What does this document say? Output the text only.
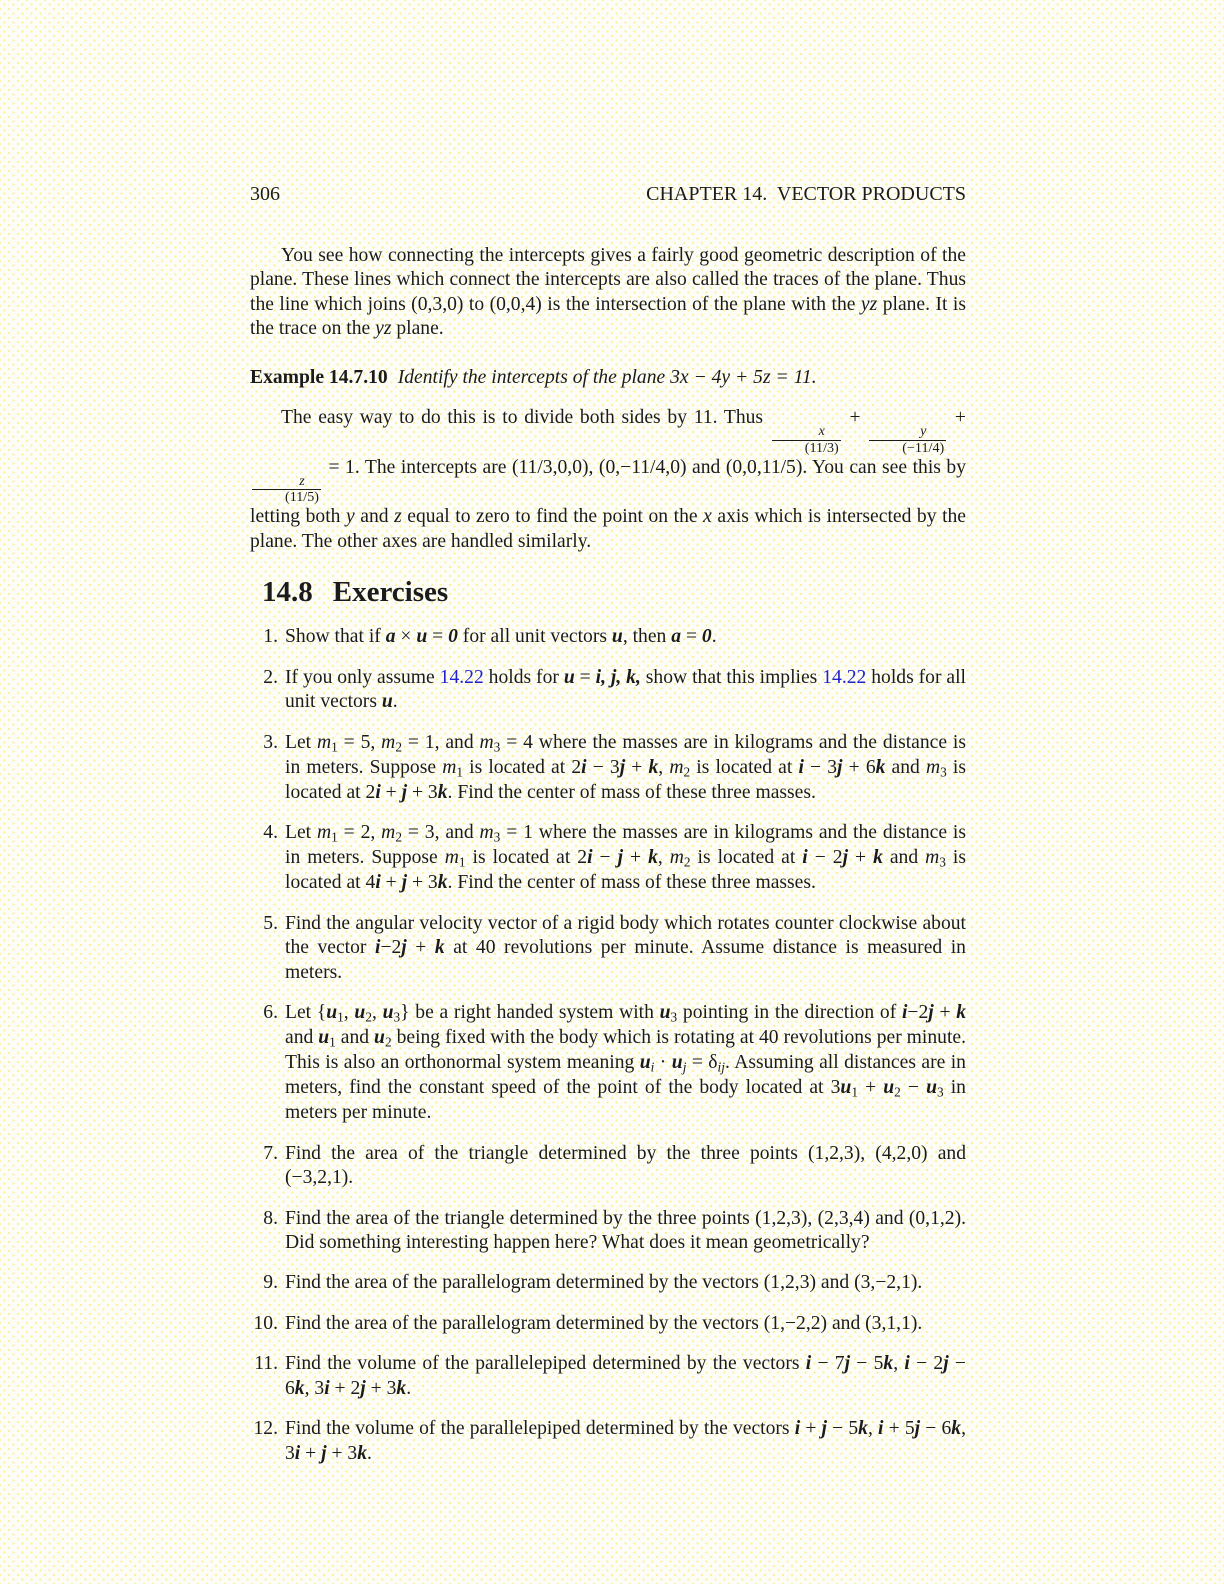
306	CHAPTER 14.  VECTOR PRODUCTS

You see how connecting the intercepts gives a fairly good geometric description of the plane. These lines which connect the intercepts are also called the traces of the plane. Thus the line which joins (0,3,0) to (0,0,4) is the intersection of the plane with the yz plane. It is the trace on the yz plane.

Example 14.7.10 Identify the intercepts of the plane 3x − 4y + 5z = 11.

The easy way to do this is to divide both sides by 11. Thus
$\frac{x}{(11/3)}$
+
$\frac{y}{(-11/4)}$
+
$\frac{z}{(11/5)}$
= 1. The intercepts are (11/3,0,0), (0,−11/4,0) and (0,0,11/5). You can see this by letting both y and z equal to zero to find the point on the x axis which is intersected by the plane. The other axes are handled similarly.

14.8 Exercises
1. Show that if a × u = 0 for all unit vectors u, then a = 0.
2. If you only assume 14.22 holds for u = i, j, k, show that this implies 14.22 holds for all unit vectors u.
3. Let m1 = 5, m2 = 1, and m3 = 4 where the masses are in kilograms and the distance is in meters. Suppose m1 is located at 2i − 3j + k, m2 is located at i − 3j + 6k and m3 is located at 2i + j + 3k. Find the center of mass of these three masses.
4. Let m1 = 2, m2 = 3, and m3 = 1 where the masses are in kilograms and the distance is in meters. Suppose m1 is located at 2i − j + k, m2 is located at i − 2j + k and m3 is located at 4i + j + 3k. Find the center of mass of these three masses.
5. Find the angular velocity vector of a rigid body which rotates counter clockwise about the vector i−2j + k at 40 revolutions per minute. Assume distance is measured in meters.
6. Let {u1, u2, u3} be a right handed system with u3 pointing in the direction of i−2j + k and u1 and u2 being fixed with the body which is rotating at 40 revolutions per minute. This is also an orthonormal system meaning ui · uj = δij. Assuming all distances are in meters, find the constant speed of the point of the body located at 3u1 + u2 − u3 in meters per minute.
7. Find the area of the triangle determined by the three points (1,2,3), (4,2,0) and (−3,2,1).
8. Find the area of the triangle determined by the three points (1,2,3), (2,3,4) and (0,1,2). Did something interesting happen here? What does it mean geometrically?
9. Find the area of the parallelogram determined by the vectors (1,2,3) and (3,−2,1).
10. Find the area of the parallelogram determined by the vectors (1,−2,2) and (3,1,1).
11. Find the volume of the parallelepiped determined by the vectors i − 7j − 5k, i − 2j − 6k, 3i + 2j + 3k.
12. Find the volume of the parallelepiped determined by the vectors i + j − 5k, i + 5j − 6k, 3i + j + 3k.
